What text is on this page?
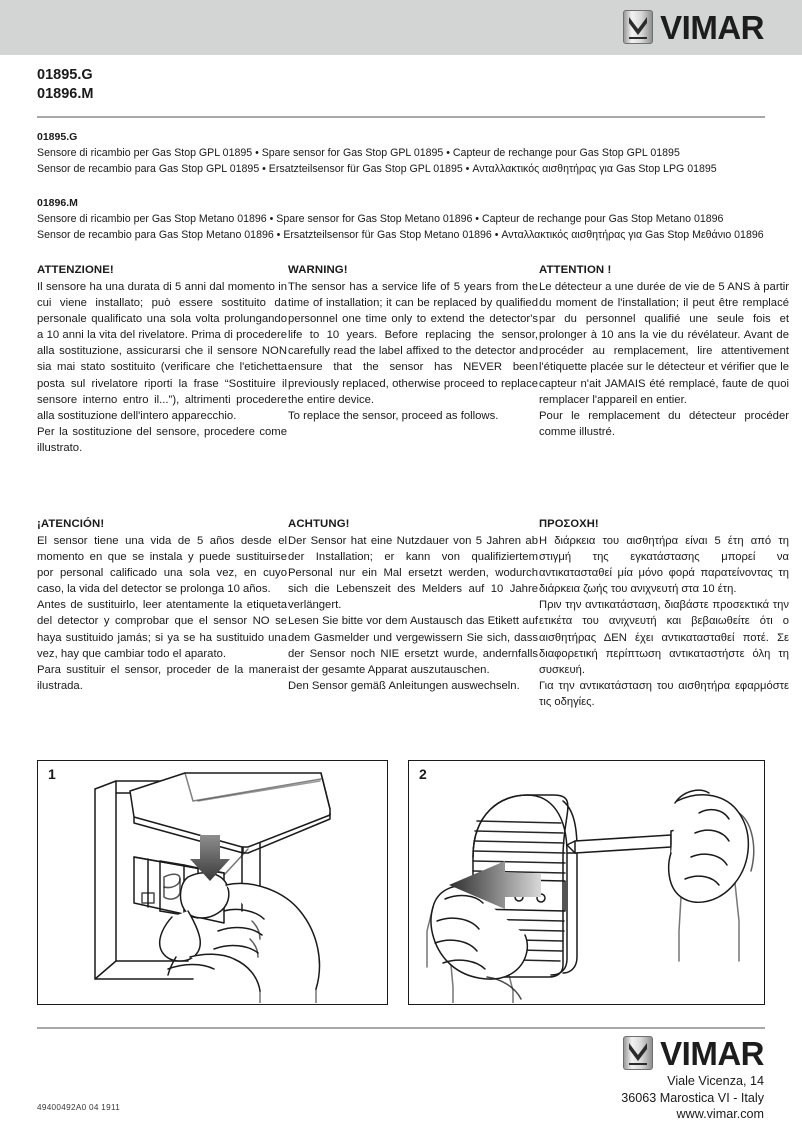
VIMAR
01895.G
01896.M
01895.G
Sensore di ricambio per Gas Stop GPL 01895 • Spare sensor for Gas Stop GPL 01895 • Capteur de rechange pour Gas Stop GPL 01895
Sensor de recambio para Gas Stop GPL 01895 • Ersatzteilsensor für Gas Stop GPL 01895 • Ανταλλακτικός αισθητήρας για Gas Stop LPG 01895
01896.M
Sensore di ricambio per Gas Stop Metano 01896 • Spare sensor for Gas Stop Metano 01896 • Capteur de rechange pour Gas Stop Metano 01896
Sensor de recambio para Gas Stop Metano 01896 • Ersatzteilsensor für Gas Stop Metano 01896 • Ανταλλακτικός αισθητήρας για Gas Stop Μεθάνιο 01896
ATTENZIONE!

Il sensore ha una durata di 5 anni dal momento in cui viene installato; può essere sostituito da personale qualificato una sola volta prolungando a 10 anni la vita del rivelatore. Prima di procedere alla sostituzione, assicurarsi che il sensore NON sia mai stato sostituito (verificare che l'etichetta posta sul rivelatore riporti la frase “Sostituire il sensore interno entro il...”), altrimenti procedere alla sostituzione dell'intero apparecchio.

Per la sostituzione del sensore, procedere come illustrato.

WARNING!

The sensor has a service life of 5 years from the time of installation; it can be replaced by qualified personnel one time only to extend the detector's life to 10 years. Before replacing the sensor, carefully read the label affixed to the detector and ensure that the sensor has NEVER been previously replaced, otherwise proceed to replace the entire device.

To replace the sensor, proceed as follows.

ATTENTION !

Le détecteur a une durée de vie de 5 ANS à partir du moment de l'installation; il peut être remplacé par du personnel qualifié une seule fois et prolonger à 10 ans la vie du révélateur. Avant de procéder au remplacement, lire attentivement l'étiquette placée sur le détecteur et vérifier que le capteur n'ait JAMAIS été remplacé, faute de quoi remplacer l'appareil en entier.

Pour le remplacement du détecteur procéder comme illustré.

¡ATENCIÓN!

El sensor tiene una vida de 5 años desde el momento en que se instala y puede sustituirse por personal calificado una sola vez, en cuyo caso, la vida del detector se prolonga 10 años.

Antes de sustituirlo, leer atentamente la etiqueta del detector y comprobar que el sensor NO se haya sustituido jamás; si ya se ha sustituido una vez, hay que cambiar todo el aparato.

Para sustituir el sensor, proceder de la manera ilustrada.

ACHTUNG!

Der Sensor hat eine Nutzdauer von 5 Jahren ab der Installation; er kann von qualifiziertem Personal nur ein Mal ersetzt werden, wodurch sich die Lebenszeit des Melders auf 10 Jahre verlängert.

Lesen Sie bitte vor dem Austausch das Etikett auf dem Gasmelder und vergewissern Sie sich, dass der Sensor noch NIE ersetzt wurde, andernfalls ist der gesamte Apparat auszutauschen.

Den Sensor gemäß Anleitungen auswechseln.

ΠΡΟΣΟΧΗ!

Η διάρκεια του αισθητήρα είναι 5 έτη από τη στιγμή της εγκατάστασης μπορεί να αντικατασταθεί μία μόνο φορά παρατείνοντας τη διάρκεια ζωής του ανιχνευτή στα 10 έτη.

Πριν την αντικατάσταση, διαβάστε προσεκτικά την ετικέτα του ανιχνευτή και βεβαιωθείτε ότι ο αισθητήρας ΔΕΝ έχει αντικατασταθεί ποτέ. Σε διαφορετική περίπτωση αντικαταστήστε όλη τη συσκευή.

Για την αντικατάσταση του αισθητήρα εφαρμόστε τις οδηγίες.

1	2
VIMAR
Viale Vicenza, 14
36063 Marostica VI - Italy
www.vimar.com
49400492A0 04 1911
